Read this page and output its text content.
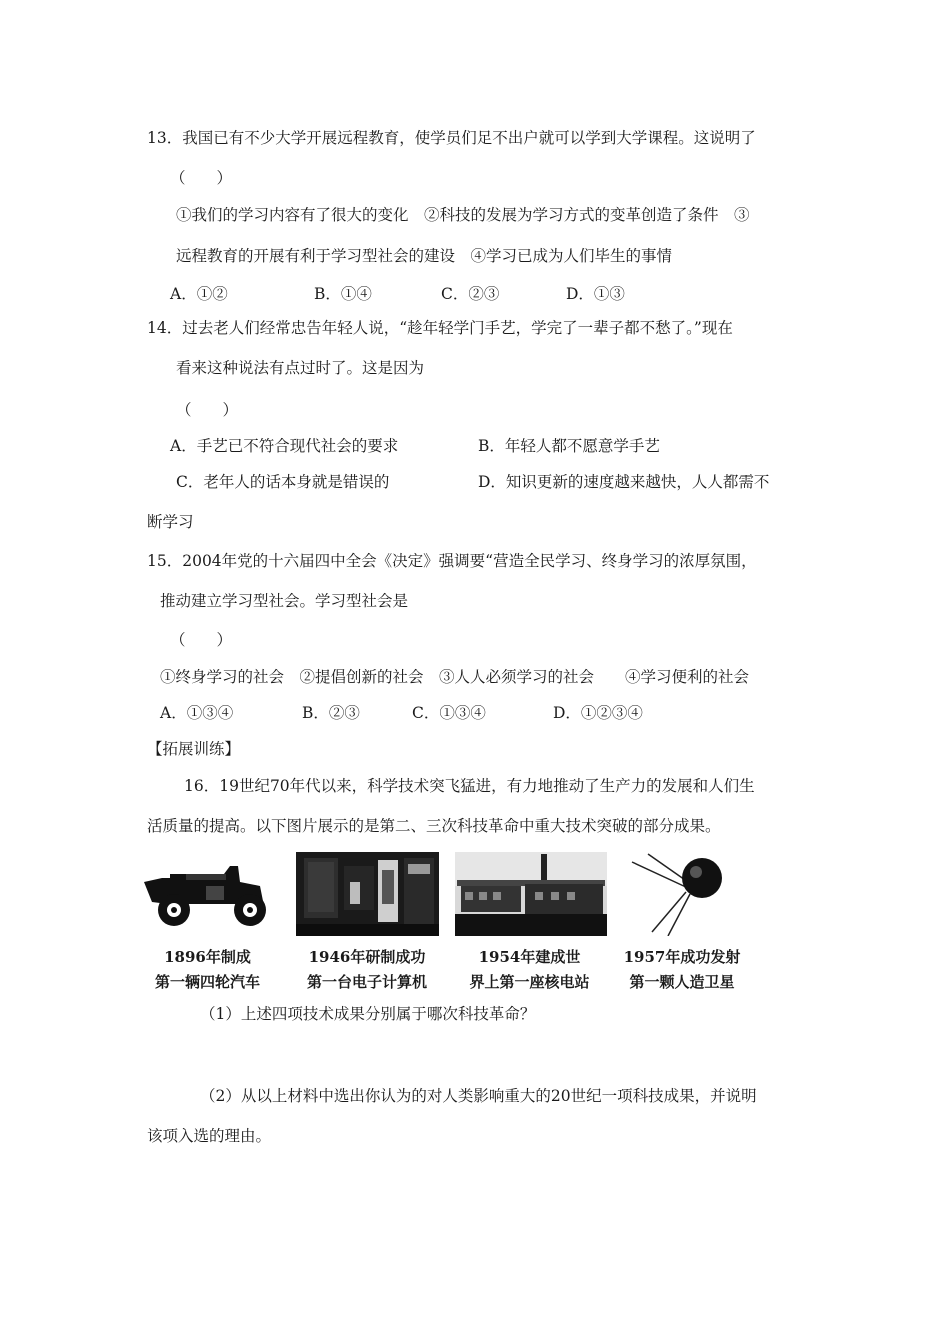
13．我国已有不少大学开展远程教育，使学员们足不出户就可以学到大学课程。这说明了
（　　）
①我们的学习内容有了很大的变化　②科技的发展为学习方式的变革创造了条件　③
远程教育的开展有利于学习型社会的建设　④学习已成为人们毕生的事情
A．①②	B．①④	C．②③	D．①③
14．过去老人们经常忠告年轻人说，“趁年轻学门手艺，学完了一辈子都不愁了。”现在
看来这种说法有点过时了。这是因为
（　　）
A．手艺已不符合现代社会的要求	B．年轻人都不愿意学手艺
C．老年人的话本身就是错误的	D．知识更新的速度越来越快，人人都需不
断学习
15．2004年党的十六届四中全会《决定》强调要“营造全民学习、终身学习的浓厚氛围，
推动建立学习型社会。学习型社会是
（　　）
①终身学习的社会　②提倡创新的社会　③人人必须学习的社会　　④学习便利的社会
A．①③④	B．②③	C．①③④	D．①②③④
【拓展训练】
16．19世纪70年代以来，科学技术突飞猛进，有力地推动了生产力的发展和人们生
活质量的提高。以下图片展示的是第二、三次科技革命中重大技术突破的部分成果。
1896年制成
第一辆四轮汽车
1946年研制成功
第一台电子计算机
1954年建成世
界上第一座核电站
1957年成功发射
第一颗人造卫星
（1）上述四项技术成果分别属于哪次科技革命？
（2）从以上材料中选出你认为的对人类影响重大的20世纪一项科技成果，并说明
该项入选的理由。
